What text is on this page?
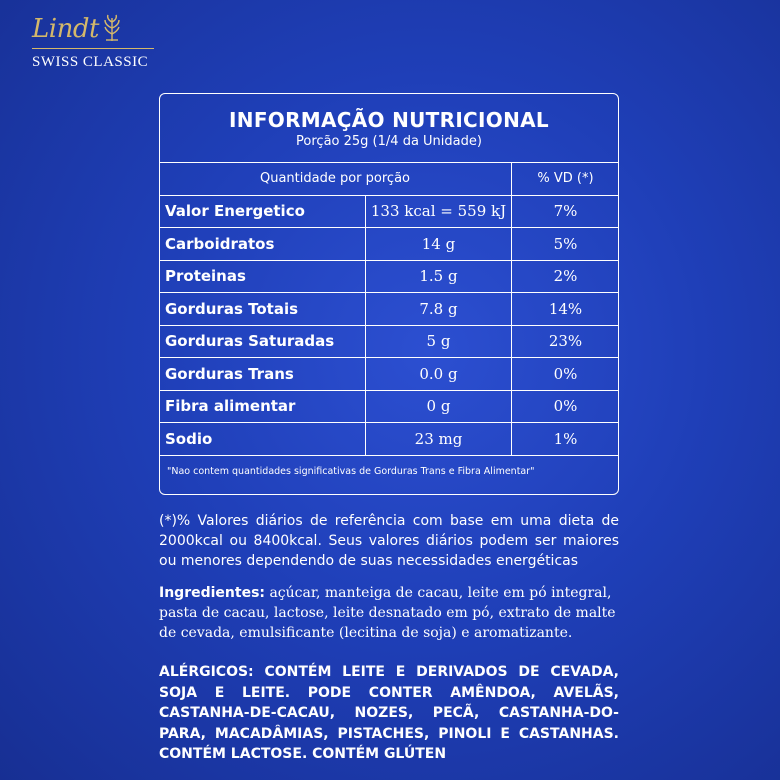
Lindt
SWISS CLASSIC
INFORMAÇÃO NUTRICIONAL
Porção 25g (1/4 da Unidade)
Quantidade por porção		% VD (*)
Valor Energetico	133 kcal = 559 kJ	7%
Carboidratos	14 g	5%
Proteinas	1.5 g	2%
Gorduras Totais	7.8 g	14%
Gorduras Saturadas	5 g	23%
Gorduras Trans	0.0 g	0%
Fibra alimentar	0 g	0%
Sodio	23 mg	1%
"Nao contem quantidades significativas de Gorduras Trans e Fibra Alimentar"		
(*)% Valores diários de referência com base em uma dieta de 2000kcal ou 8400kcal. Seus valores diários podem ser maiores ou menores dependendo de suas necessidades energéticas
Ingredientes: açúcar, manteiga de cacau, leite em pó integral, pasta de cacau, lactose, leite desnatado em pó, extrato de malte de cevada, emulsificante (lecitina de soja) e aromatizante.
ALÉRGICOS: CONTÉM LEITE E DERIVADOS DE CEVADA, SOJA E LEITE. PODE CONTER AMÊNDOA, AVELÃS, CASTANHA-DE-CACAU, NOZES, PECÃ, CASTANHA-DO-PARA, MACADÂMIAS, PISTACHES, PINOLI E CASTANHAS. CONTÉM LACTOSE. CONTÉM GLÚTEN
